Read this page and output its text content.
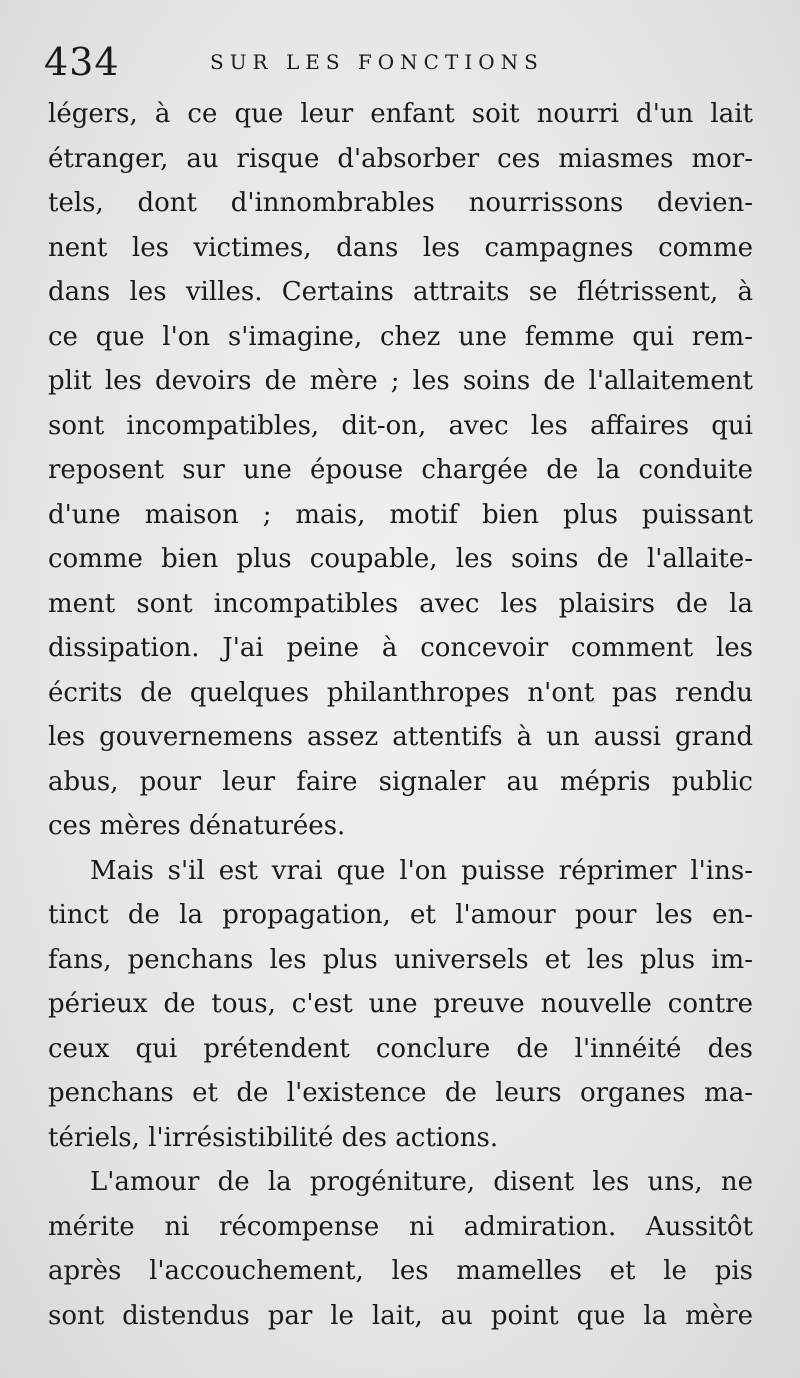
434	SUR LES FONCTIONS
légers, à ce que leur enfant soit nourri d'un lait
étranger, au risque d'absorber ces miasmes mor-
tels, dont d'innombrables nourrissons devien-
nent les victimes, dans les campagnes comme
dans les villes. Certains attraits se flétrissent, à
ce que l'on s'imagine, chez une femme qui rem-
plit les devoirs de mère ; les soins de l'allaitement
sont incompatibles, dit-on, avec les affaires qui
reposent sur une épouse chargée de la conduite
d'une maison ; mais, motif bien plus puissant
comme bien plus coupable, les soins de l'allaite-
ment sont incompatibles avec les plaisirs de la
dissipation. J'ai peine à concevoir comment les
écrits de quelques philanthropes n'ont pas rendu
les gouvernemens assez attentifs à un aussi grand
abus, pour leur faire signaler au mépris public
ces mères dénaturées.
Mais s'il est vrai que l'on puisse réprimer l'ins-
tinct de la propagation, et l'amour pour les en-
fans, penchans les plus universels et les plus im-
périeux de tous, c'est une preuve nouvelle contre
ceux qui prétendent conclure de l'innéité des
penchans et de l'existence de leurs organes ma-
tériels, l'irrésistibilité des actions.
L'amour de la progéniture, disent les uns, ne
mérite ni récompense ni admiration. Aussitôt
après l'accouchement, les mamelles et le pis
sont distendus par le lait, au point que la mère
